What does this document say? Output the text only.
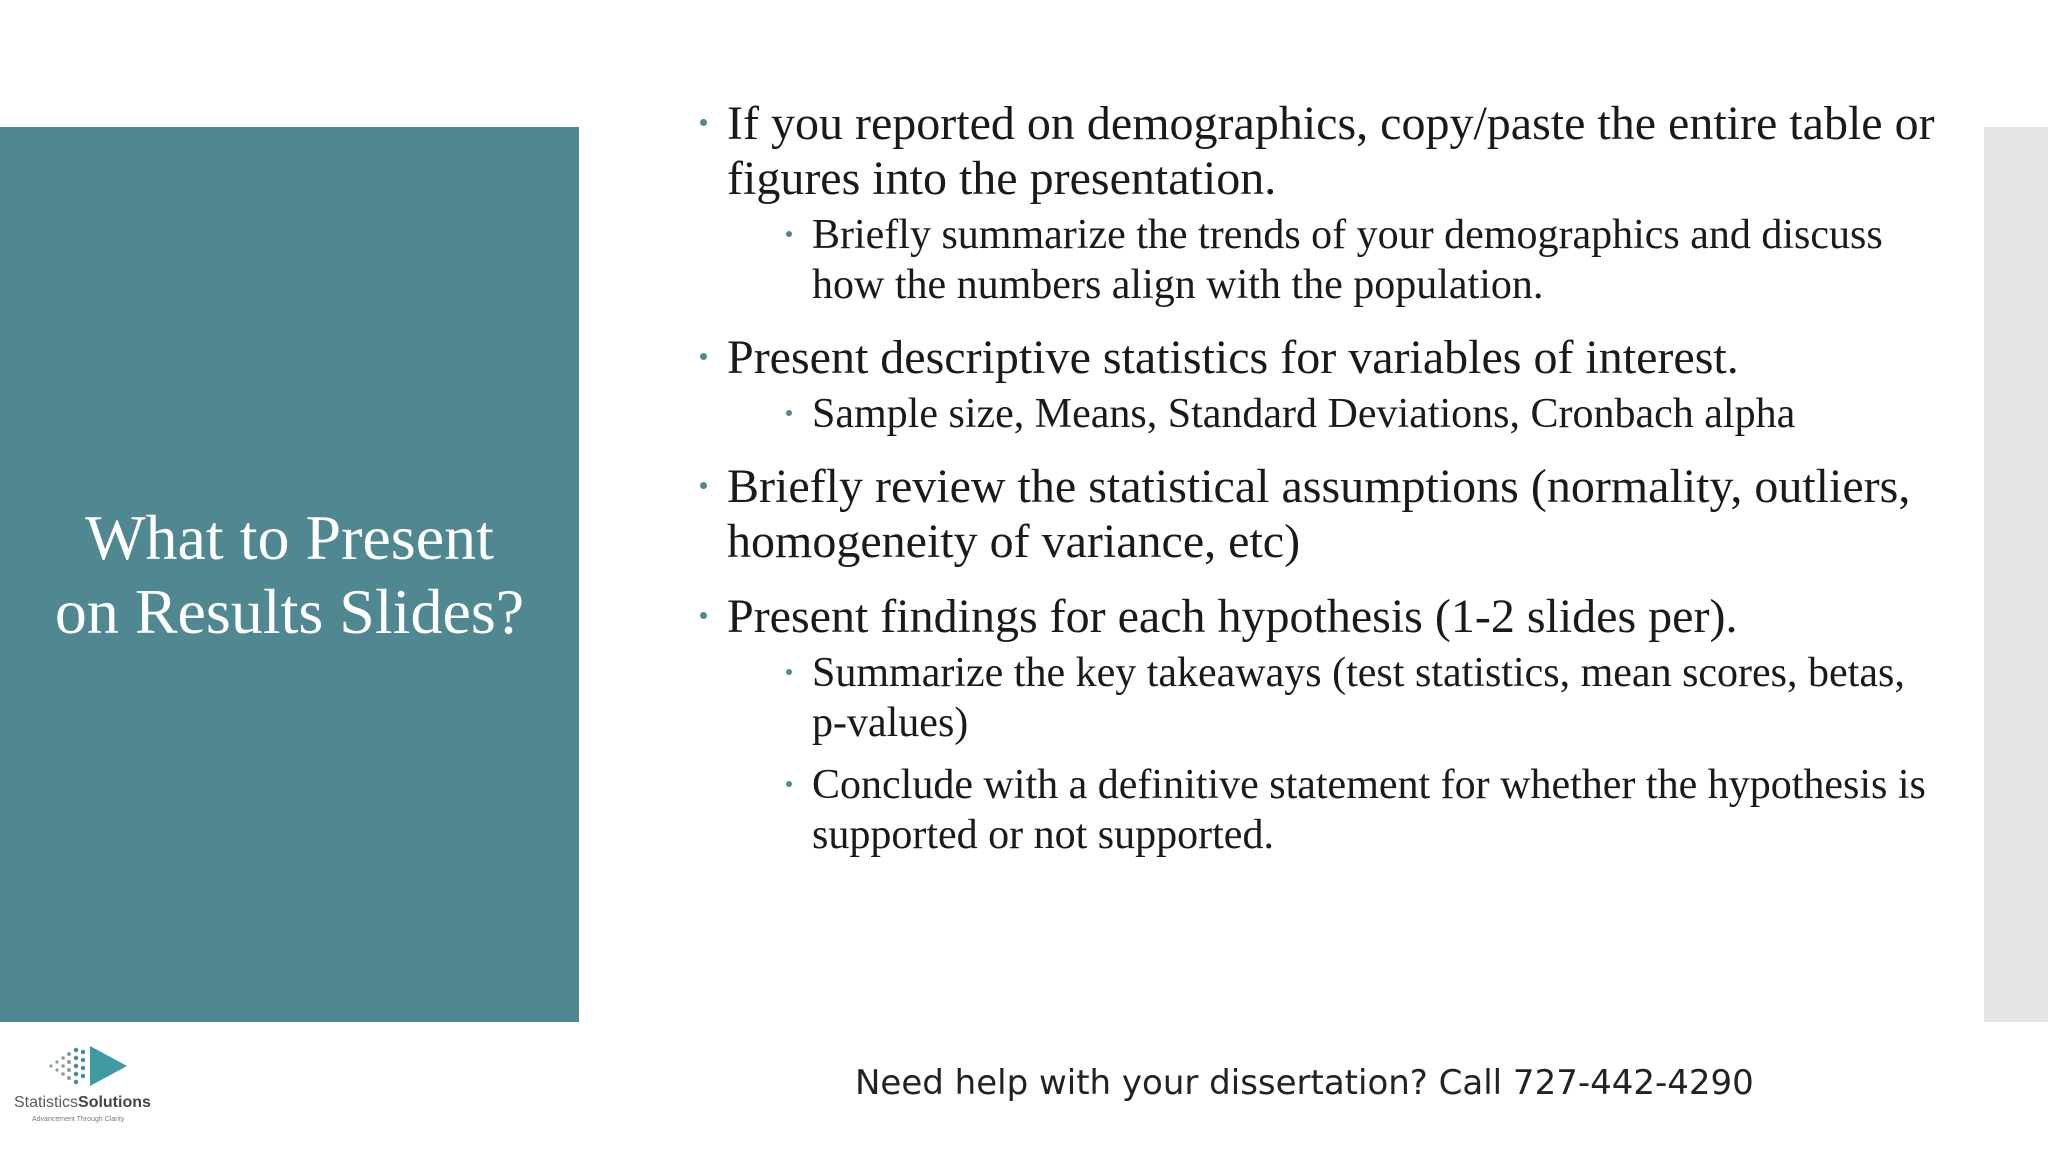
What to Present on Results Slides?
If you reported on demographics, copy/paste the entire table or figures into the presentation.
Briefly summarize the trends of your demographics and discuss how the numbers align with the population.
Present descriptive statistics for variables of interest.
Sample size, Means, Standard Deviations, Cronbach alpha
Briefly review the statistical assumptions (normality, outliers, homogeneity of variance, etc)
Present findings for each hypothesis (1-2 slides per).
Summarize the key takeaways (test statistics, mean scores, betas, p-values)
Conclude with a definitive statement for whether the hypothesis is supported or not supported.
StatisticsSolutions
Advancement Through Clarity
Need help with your dissertation? Call 727-442-4290
